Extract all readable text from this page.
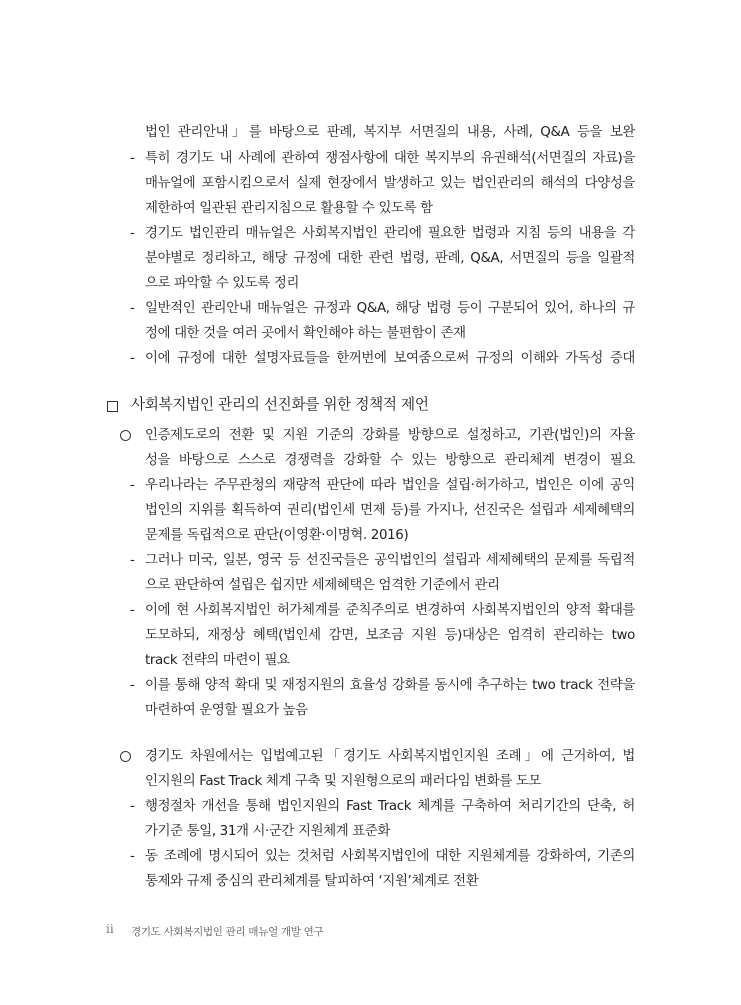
법인 관리안내」를 바탕으로 판례, 복지부 서면질의 내용, 사례, Q&A 등을 보완
- 특히 경기도 내 사례에 관하여 쟁점사항에 대한 복지부의 유권해석(서면질의 자료)을
매뉴얼에 포함시킴으로서 실제 현장에서 발생하고 있는 법인관리의 해석의 다양성을
제한하여 일관된 관리지침으로 활용할 수 있도록 함
- 경기도 법인관리 매뉴얼은 사회복지법인 관리에 필요한 법령과 지침 등의 내용을 각
분야별로 정리하고, 해당 규정에 대한 관련 법령, 판례, Q&A, 서면질의 등을 일괄적
으로 파악할 수 있도록 정리
- 일반적인 관리안내 매뉴얼은 규정과 Q&A, 해당 법령 등이 구분되어 있어, 하나의 규
정에 대한 것을 여러 곳에서 확인해야 하는 불편함이 존재
- 이에 규정에 대한 설명자료들을 한꺼번에 보여줌으로써 규정의 이해와 가독성 증대
사회복지법인 관리의 선진화를 위한 정책적 제언
인증제도로의 전환 및 지원 기준의 강화를 방향으로 설정하고, 기관(법인)의 자율
성을 바탕으로 스스로 경쟁력을 강화할 수 있는 방향으로 관리체계 변경이 필요
- 우리나라는 주무관청의 재량적 판단에 따라 법인을 설립·허가하고, 법인은 이에 공익
법인의 지위를 획득하여 권리(법인세 면제 등)를 가지나, 선진국은 설립과 세제혜택의
문제를 독립적으로 판단(이영환·이명혁. 2016)
- 그러나 미국, 일본, 영국 등 선진국들은 공익법인의 설립과 세제혜택의 문제를 독립적
으로 판단하여 설립은 쉽지만 세제혜택은 엄격한 기준에서 관리
- 이에 현 사회복지법인 허가체계를 준칙주의로 변경하여 사회복지법인의 양적 확대를
도모하되, 재정상 혜택(법인세 감면, 보조금 지원 등)대상은 엄격히 관리하는 two
track 전략의 마련이 필요
- 이를 통해 양적 확대 및 재정지원의 효율성 강화를 동시에 추구하는 two track 전략을
마련하여 운영할 필요가 높음
경기도 차원에서는 입법예고된「경기도 사회복지법인지원 조례」에 근거하여, 법
인지원의 Fast Track 체계 구축 및 지원형으로의 패러다임 변화를 도모
- 행정절차 개선을 통해 법인지원의 Fast Track 체계를 구축하여 처리기간의 단축, 허
가기준 통일, 31개 시·군간 지원체계 표준화
- 동 조례에 명시되어 있는 것처럼 사회복지법인에 대한 지원체계를 강화하여, 기존의
통제와 규제 중심의 관리체계를 탈피하여 ‘지원’체계로 전환
ii 경기도 사회복지법인 관리 매뉴얼 개발 연구
